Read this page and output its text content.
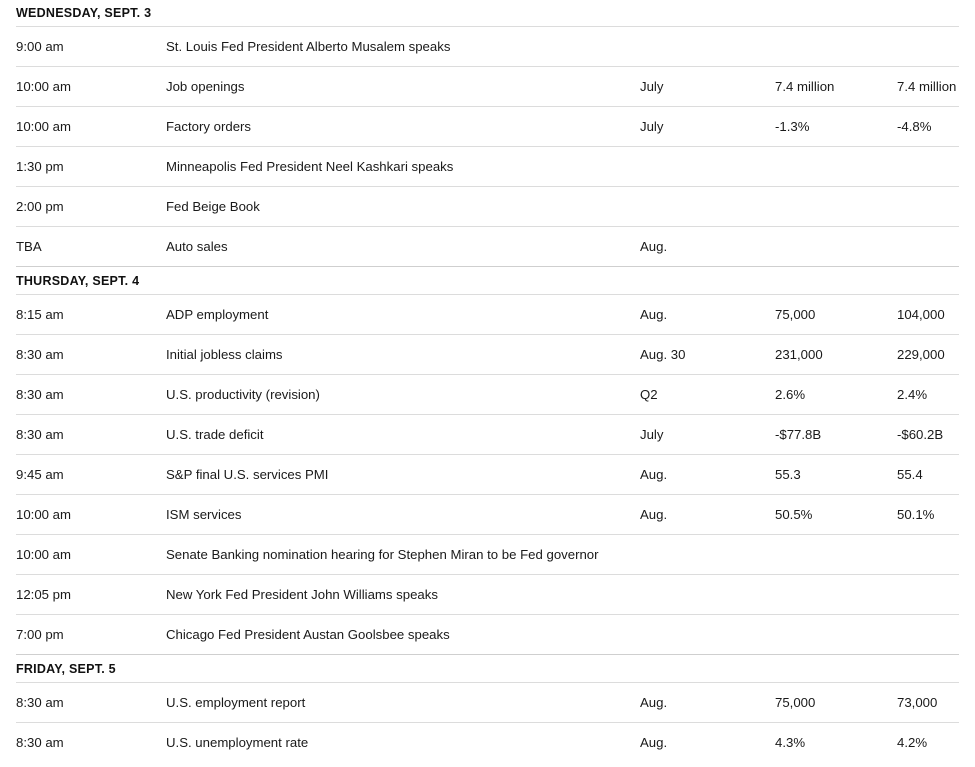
WEDNESDAY, SEPT. 3				
9:00 am	St. Louis Fed President Alberto Musalem speaks			
10:00 am	Job openings	July	7.4 million	7.4 million
10:00 am	Factory orders	July	-1.3%	-4.8%
1:30 pm	Minneapolis Fed President Neel Kashkari speaks			
2:00 pm	Fed Beige Book			
TBA	Auto sales	Aug.		
THURSDAY, SEPT. 4				
8:15 am	ADP employment	Aug.	75,000	104,000
8:30 am	Initial jobless claims	Aug. 30	231,000	229,000
8:30 am	U.S. productivity (revision)	Q2	2.6%	2.4%
8:30 am	U.S. trade deficit	July	-$77.8B	-$60.2B
9:45 am	S&P final U.S. services PMI	Aug.	55.3	55.4
10:00 am	ISM services	Aug.	50.5%	50.1%
10:00 am	Senate Banking nomination hearing for Stephen Miran to be Fed governor			
12:05 pm	New York Fed President John Williams speaks			
7:00 pm	Chicago Fed President Austan Goolsbee speaks			
FRIDAY, SEPT. 5				
8:30 am	U.S. employment report	Aug.	75,000	73,000
8:30 am	U.S. unemployment rate	Aug.	4.3%	4.2%
